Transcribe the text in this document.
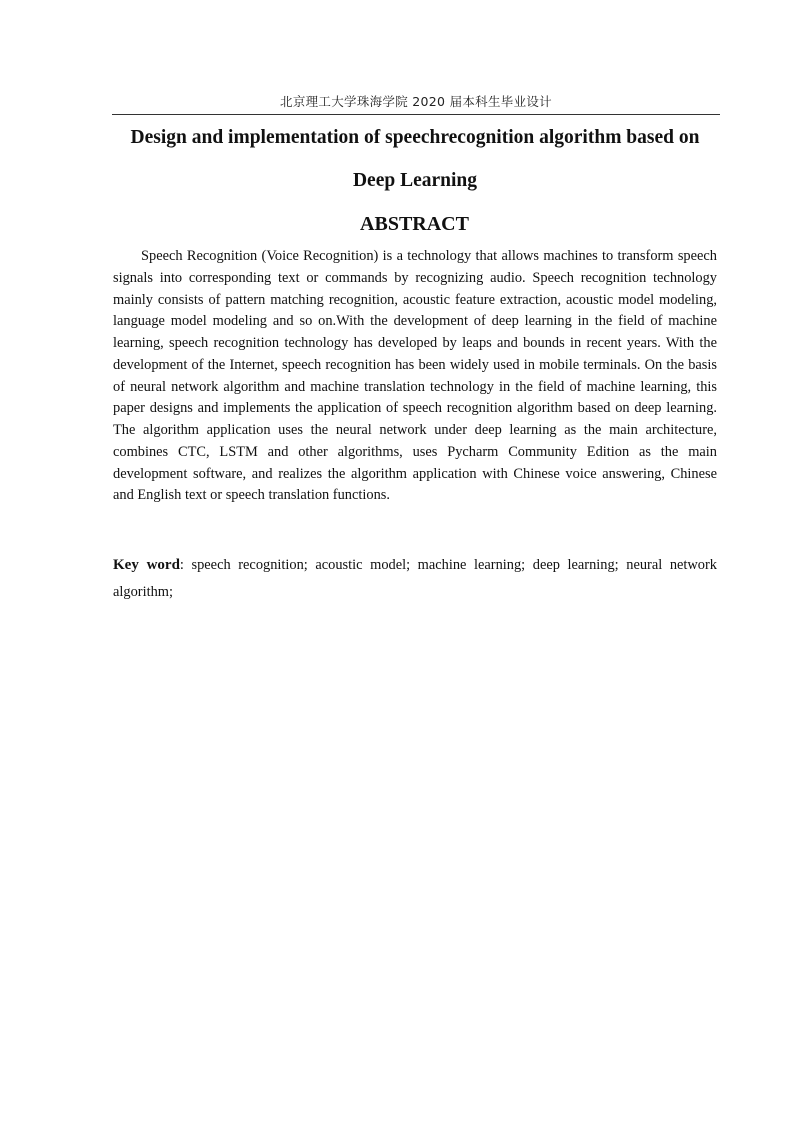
北京理工大学珠海学院 2020 届本科生毕业设计
Design and implementation of speechrecognition algorithm based on
Deep Learning
ABSTRACT

Speech Recognition (Voice Recognition) is a technology that allows machines to transform speech signals into corresponding text or commands by recognizing audio. Speech recognition technology mainly consists of pattern matching recognition, acoustic feature extraction, acoustic model modeling, language model modeling and so on.With the development of deep learning in the field of machine learning, speech recognition technology has developed by leaps and bounds in recent years. With the development of the Internet, speech recognition has been widely used in mobile terminals. On the basis of neural network algorithm and machine translation technology in the field of machine learning, this paper designs and implements the application of speech recognition algorithm based on deep learning. The algorithm application uses the neural network under deep learning as the main architecture, combines CTC, LSTM and other algorithms, uses Pycharm Community Edition as the main development software, and realizes the algorithm application with Chinese voice answering, Chinese and English text or speech translation functions.

Key word: speech recognition; acoustic model; machine learning; deep learning; neural network algorithm;
